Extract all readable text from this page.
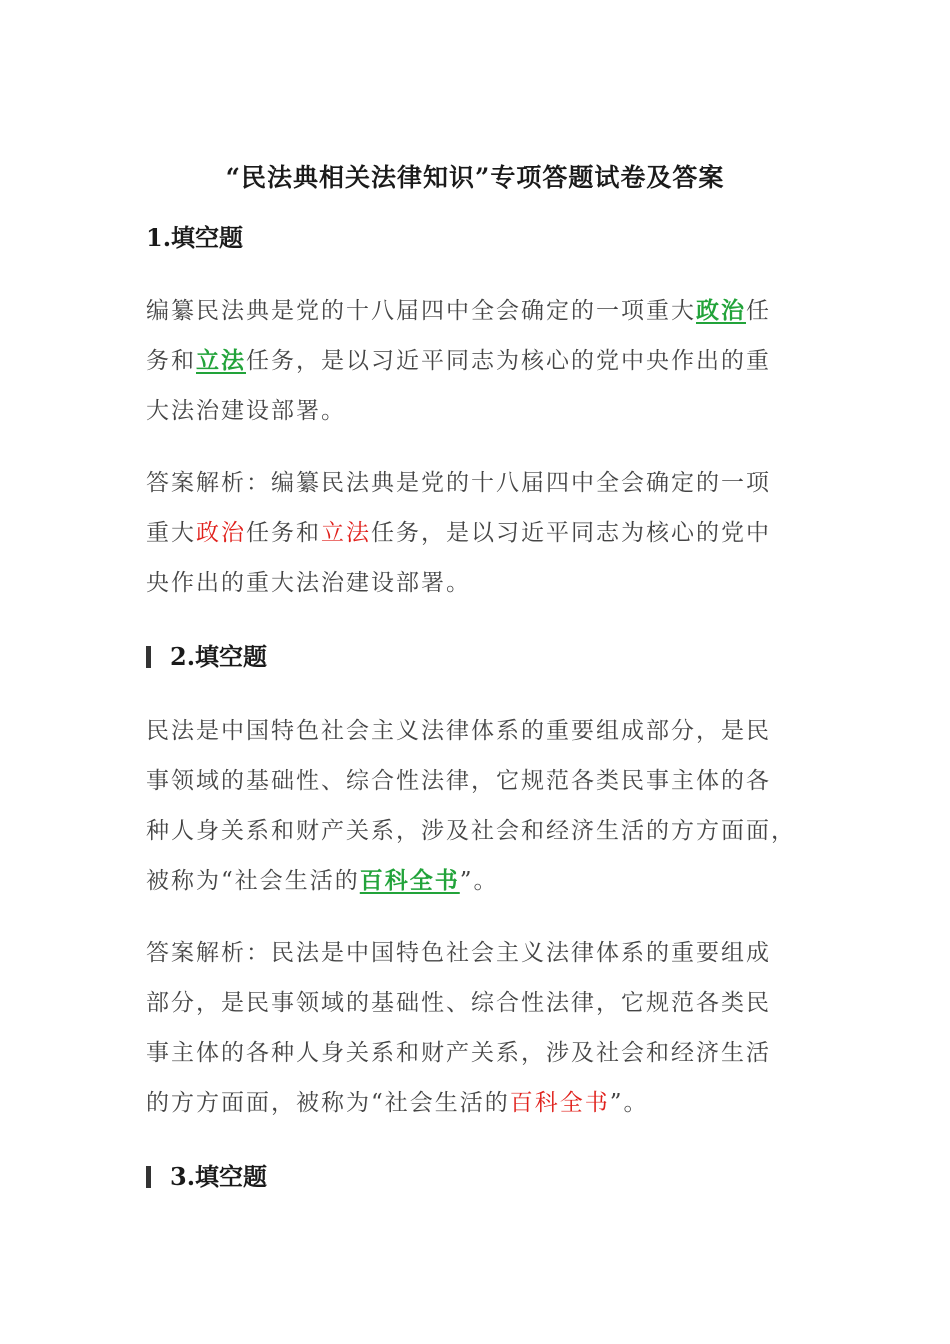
“民法典相关法律知识”专项答题试卷及答案
1.填空题
编纂民法典是党的十八届四中全会确定的一项重大政治任
务和立法任务，是以习近平同志为核心的党中央作出的重
大法治建设部署。
答案解析：编纂民法典是党的十八届四中全会确定的一项
重大政治任务和立法任务，是以习近平同志为核心的党中
央作出的重大法治建设部署。
2.填空题
民法是中国特色社会主义法律体系的重要组成部分，是民
事领域的基础性、综合性法律，它规范各类民事主体的各
种人身关系和财产关系，涉及社会和经济生活的方方面面，
被称为“社会生活的百科全书”。
答案解析：民法是中国特色社会主义法律体系的重要组成
部分，是民事领域的基础性、综合性法律，它规范各类民
事主体的各种人身关系和财产关系，涉及社会和经济生活
的方方面面，被称为“社会生活的百科全书”。
3.填空题
